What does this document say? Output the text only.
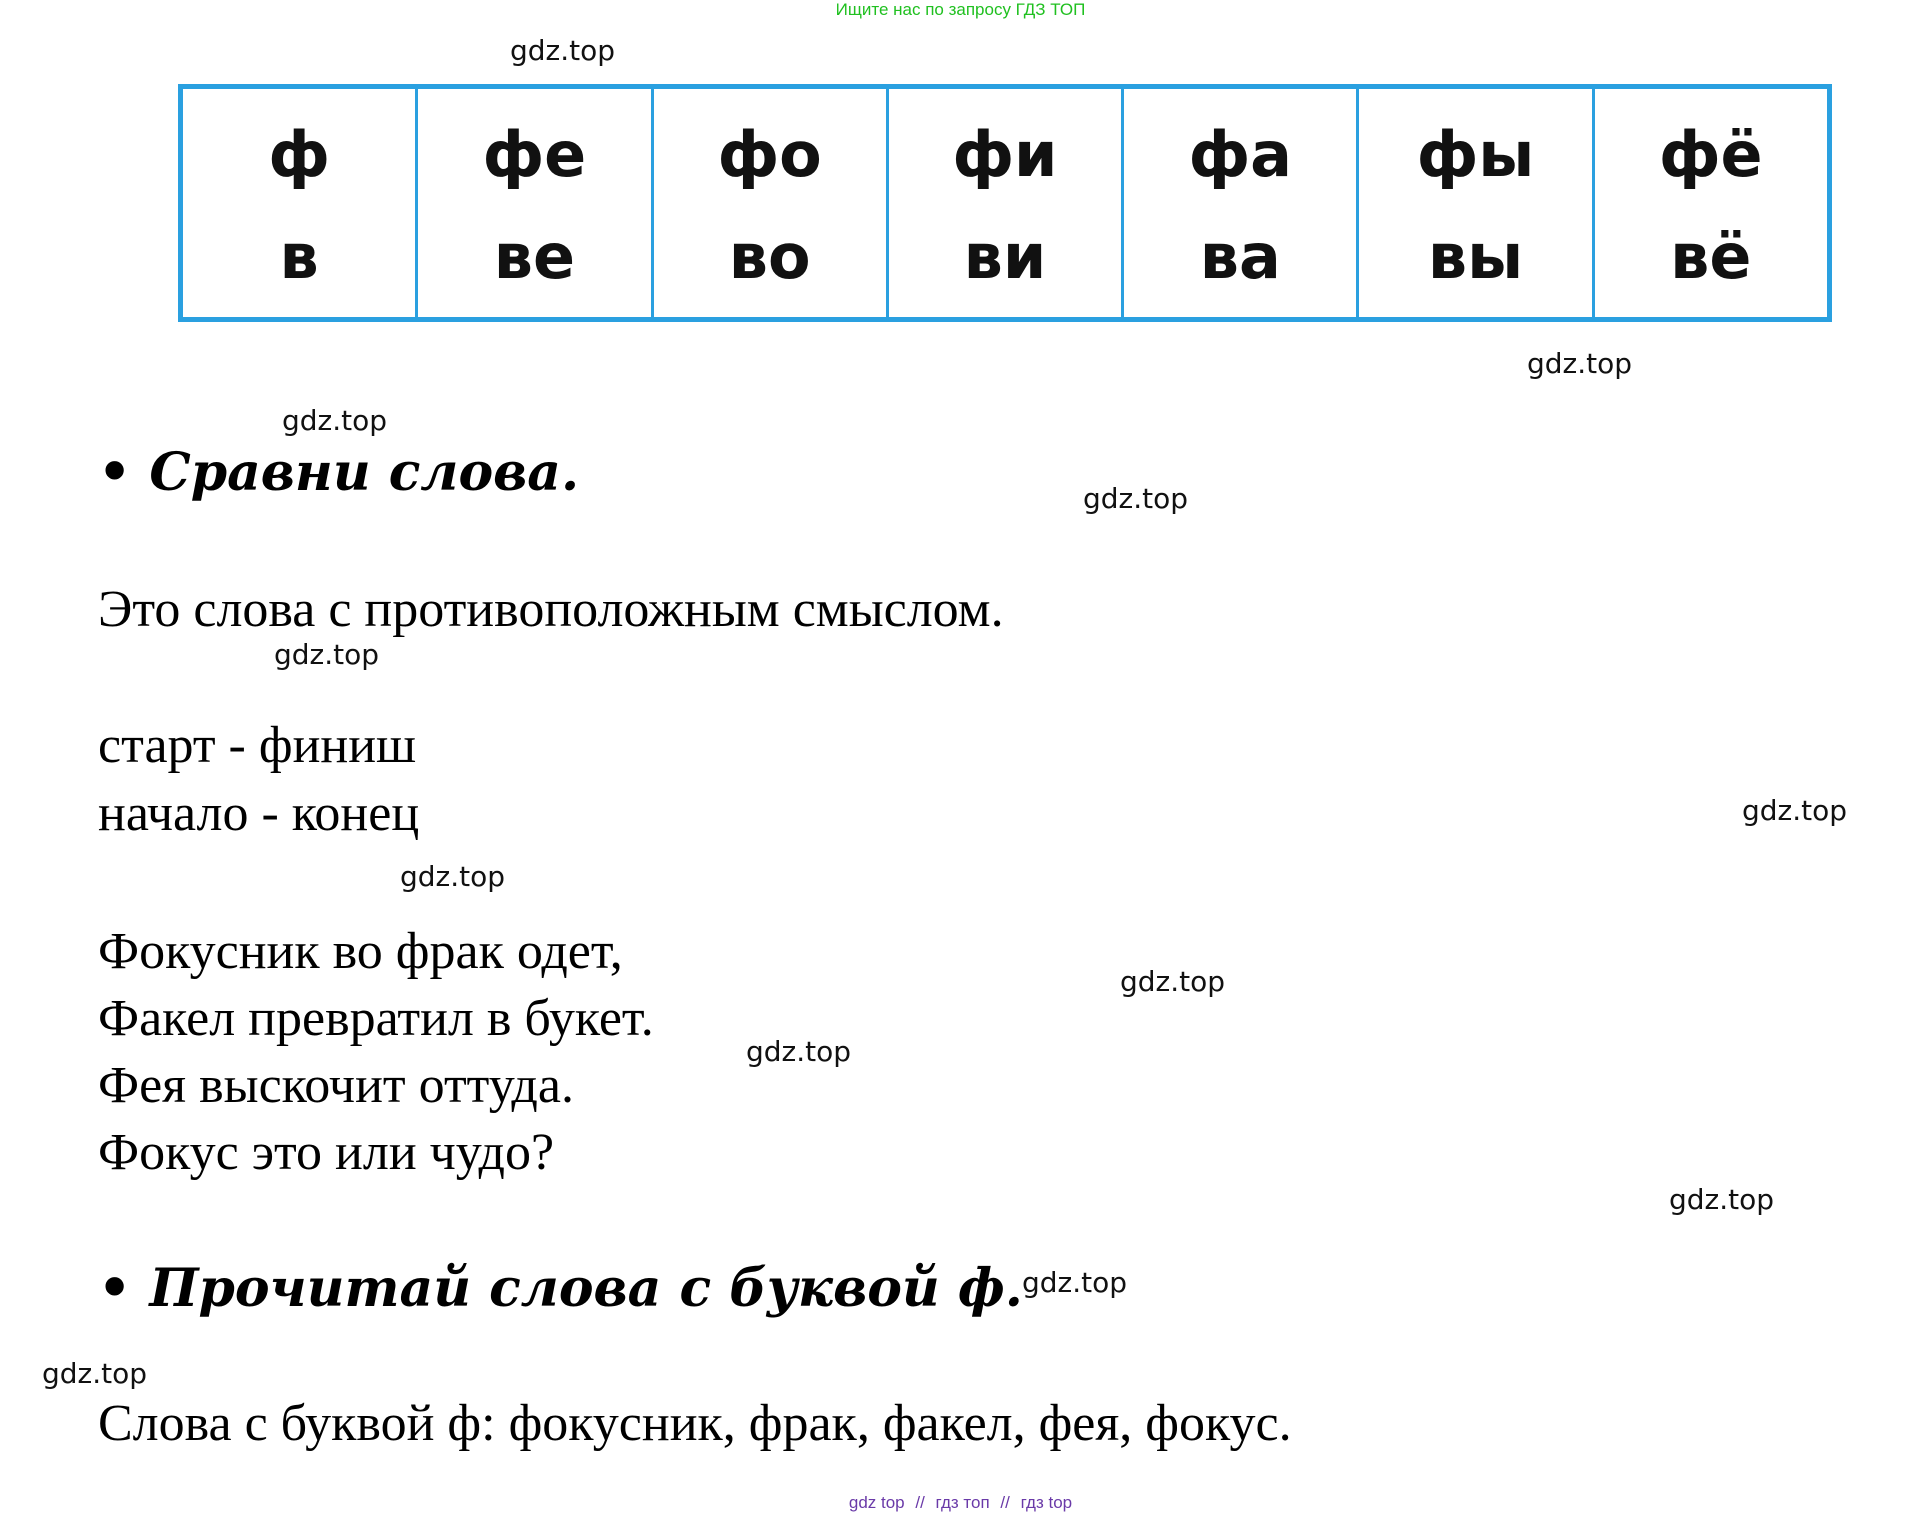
Ищите нас по запросу ГДЗ ТОП
ф
в
фе
ве
фо
во
фи
ви
фа
ва
фы
вы
фё
вё
• Сравни слова.
Это слова с противоположным смыслом.
старт - финиш
начало - конец
Фокусник во фрак одет,
Факел превратил в букет.
Фея выскочит оттуда.
Фокус это или чудо?
• Прочитай слова с буквой ф.
Слова с буквой ф: фокусник, фрак, факел, фея, фокус.
gdz.top
gdz.top
gdz.top
gdz.top
gdz.top
gdz.top
gdz.top
gdz.top
gdz.top
gdz.top
gdz.top
gdz.top
gdz top // гдз топ // гдз top
